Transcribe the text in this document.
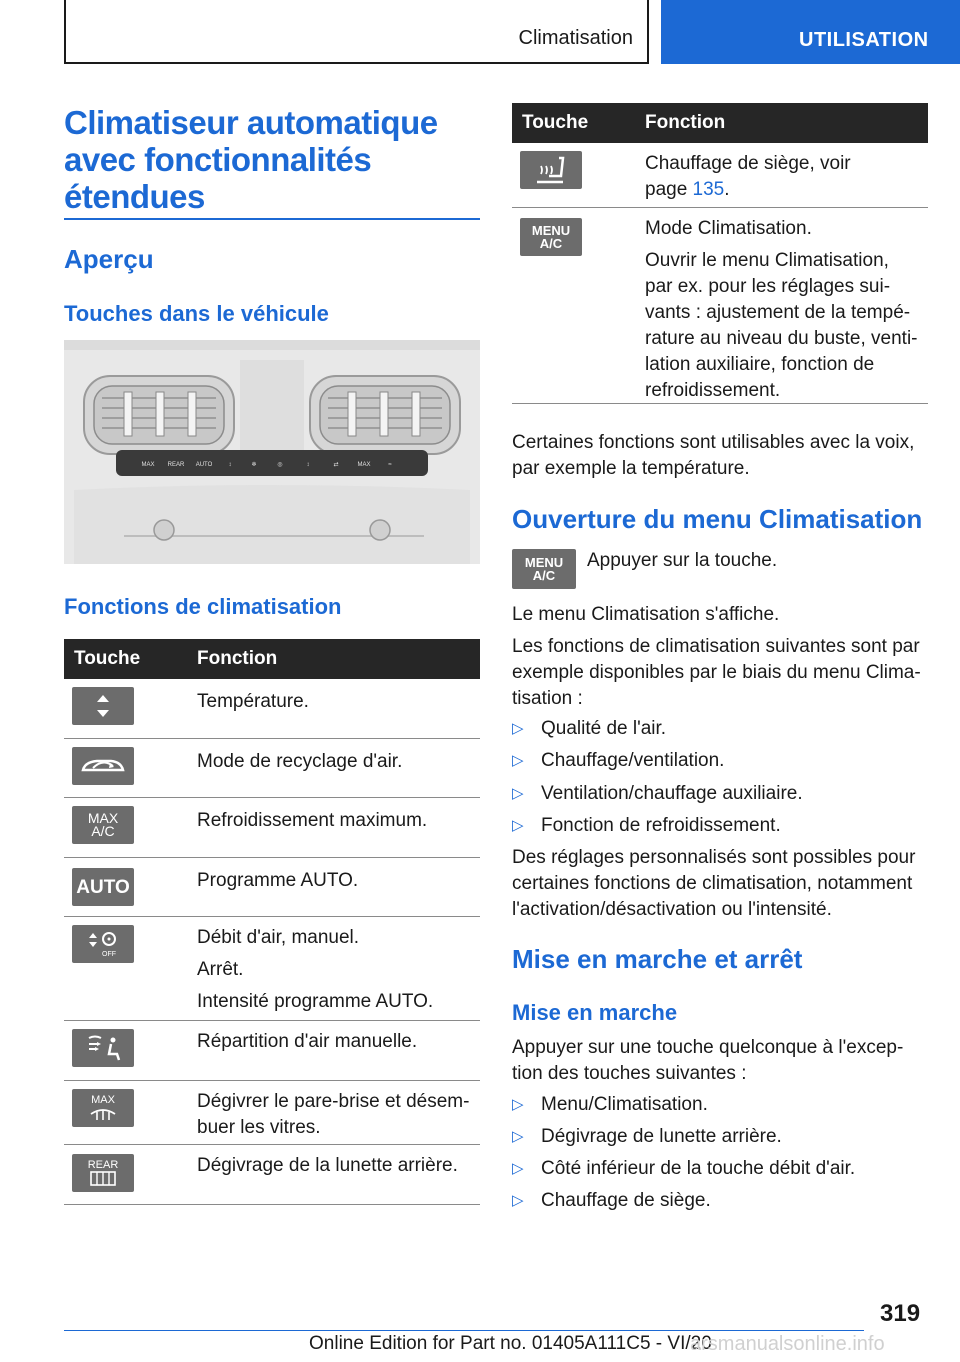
Climatisation	UTILISATION
Climatiseur automatique avec fonctionnalités étendues
Aperçu
Touches dans le véhicule
MAX REAR AUTO	↕	❄	◎	↕	⇄	MAX	≈
Fonctions de climatisation
Touche	Fonction
Température.
Mode de recyclage d'air.
MAX
A/C	Refroidissement maximum.
AUTO	Programme AUTO.
OFF

Débit d'air, manuel.

Arrêt.

Intensité programme AUTO.

Répartition d'air manuelle.
MAX	Dégivrer le pare-brise et désem-
buer les vitres.
REAR	Dégivrage de la lunette arrière.
Touche	Fonction
Chauffage de siège, voir
page 135.
MENU
A/C

Mode Climatisation.

Ouvrir le menu Climatisation,
par ex. pour les réglages sui-
vants : ajustement de la tempé-
rature au niveau du buste, venti-
lation auxiliaire, fonction de
refroidissement.
Certaines fonctions sont utilisables avec la voix,
par exemple la température.
Ouverture du menu Climatisation
MENU
A/C
Appuyer sur la touche.
Le menu Climatisation s'affiche.
Les fonctions de climatisation suivantes sont par
exemple disponibles par le biais du menu Clima-
tisation :
▷ Qualité de l'air.
▷ Chauffage/ventilation.
▷ Ventilation/chauffage auxiliaire.
▷ Fonction de refroidissement.
Des réglages personnalisés sont possibles pour
certaines fonctions de climatisation, notamment
l'activation/désactivation ou l'intensité.
Mise en marche et arrêt
Mise en marche
Appuyer sur une touche quelconque à l'excep-
tion des touches suivantes :
▷ Menu/Climatisation.
▷ Dégivrage de lunette arrière.
▷ Côté inférieur de la touche débit d'air.
▷ Chauffage de siège.
319
Online Edition for Part no. 01405A111C5 - VI/20
arsmanualsonline.info
